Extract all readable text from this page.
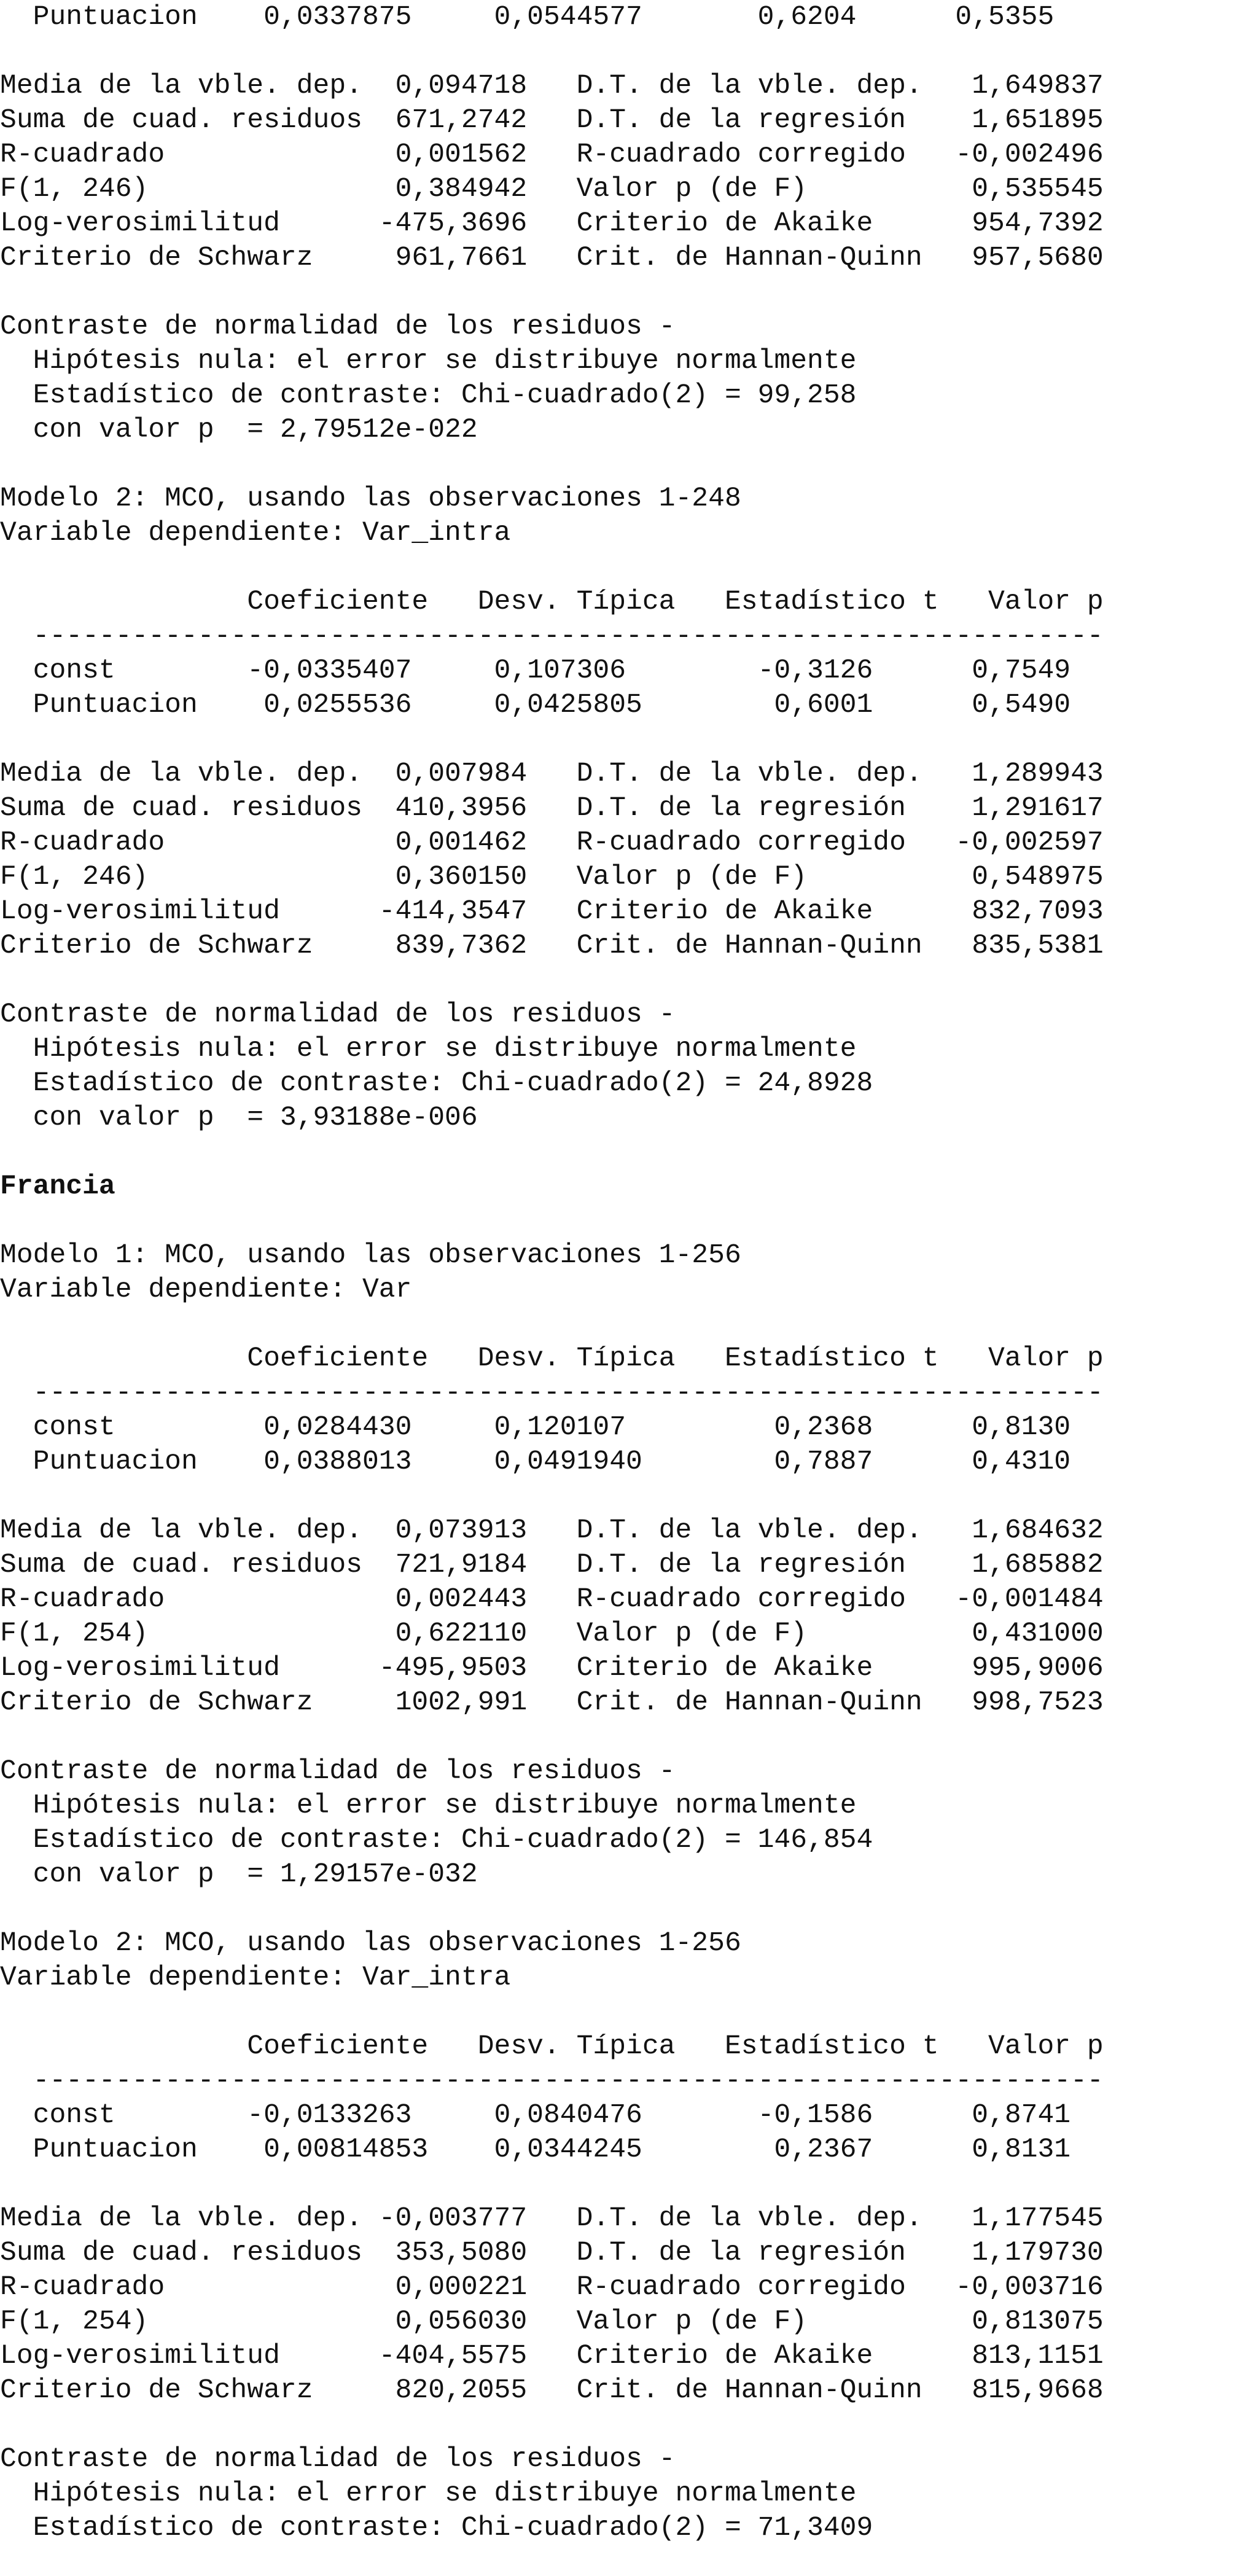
Puntuacion    0,0337875     0,0544577       0,6204      0,5355
Media de la vble. dep.  0,094718   D.T. de la vble. dep.   1,649837
Suma de cuad. residuos  671,2742   D.T. de la regresión    1,651895
R-cuadrado              0,001562   R-cuadrado corregido   -0,002496
F(1, 246)               0,384942   Valor p (de F)          0,535545
Log-verosimilitud      -475,3696   Criterio de Akaike      954,7392
Criterio de Schwarz     961,7661   Crit. de Hannan-Quinn   957,5680
Contraste de normalidad de los residuos -
Hipótesis nula: el error se distribuye normalmente
Estadístico de contraste: Chi-cuadrado(2) = 99,258
con valor p  = 2,79512e-022
Modelo 2: MCO, usando las observaciones 1-248
Variable dependiente: Var_intra
Coeficiente   Desv. Típica   Estadístico t   Valor p
-----------------------------------------------------------------
const        -0,0335407     0,107306        -0,3126      0,7549
Puntuacion    0,0255536     0,0425805        0,6001      0,5490
Media de la vble. dep.  0,007984   D.T. de la vble. dep.   1,289943
Suma de cuad. residuos  410,3956   D.T. de la regresión    1,291617
R-cuadrado              0,001462   R-cuadrado corregido   -0,002597
F(1, 246)               0,360150   Valor p (de F)          0,548975
Log-verosimilitud      -414,3547   Criterio de Akaike      832,7093
Criterio de Schwarz     839,7362   Crit. de Hannan-Quinn   835,5381
Contraste de normalidad de los residuos -
Hipótesis nula: el error se distribuye normalmente
Estadístico de contraste: Chi-cuadrado(2) = 24,8928
con valor p  = 3,93188e-006
Francia
Modelo 1: MCO, usando las observaciones 1-256
Variable dependiente: Var
Coeficiente   Desv. Típica   Estadístico t   Valor p
-----------------------------------------------------------------
const         0,0284430     0,120107         0,2368      0,8130
Puntuacion    0,0388013     0,0491940        0,7887      0,4310
Media de la vble. dep.  0,073913   D.T. de la vble. dep.   1,684632
Suma de cuad. residuos  721,9184   D.T. de la regresión    1,685882
R-cuadrado              0,002443   R-cuadrado corregido   -0,001484
F(1, 254)               0,622110   Valor p (de F)          0,431000
Log-verosimilitud      -495,9503   Criterio de Akaike      995,9006
Criterio de Schwarz     1002,991   Crit. de Hannan-Quinn   998,7523
Contraste de normalidad de los residuos -
Hipótesis nula: el error se distribuye normalmente
Estadístico de contraste: Chi-cuadrado(2) = 146,854
con valor p  = 1,29157e-032
Modelo 2: MCO, usando las observaciones 1-256
Variable dependiente: Var_intra
Coeficiente   Desv. Típica   Estadístico t   Valor p
-----------------------------------------------------------------
const        -0,0133263     0,0840476       -0,1586      0,8741
Puntuacion    0,00814853    0,0344245        0,2367      0,8131
Media de la vble. dep. -0,003777   D.T. de la vble. dep.   1,177545
Suma de cuad. residuos  353,5080   D.T. de la regresión    1,179730
R-cuadrado              0,000221   R-cuadrado corregido   -0,003716
F(1, 254)               0,056030   Valor p (de F)          0,813075
Log-verosimilitud      -404,5575   Criterio de Akaike      813,1151
Criterio de Schwarz     820,2055   Crit. de Hannan-Quinn   815,9668
Contraste de normalidad de los residuos -
Hipótesis nula: el error se distribuye normalmente
Estadístico de contraste: Chi-cuadrado(2) = 71,3409
